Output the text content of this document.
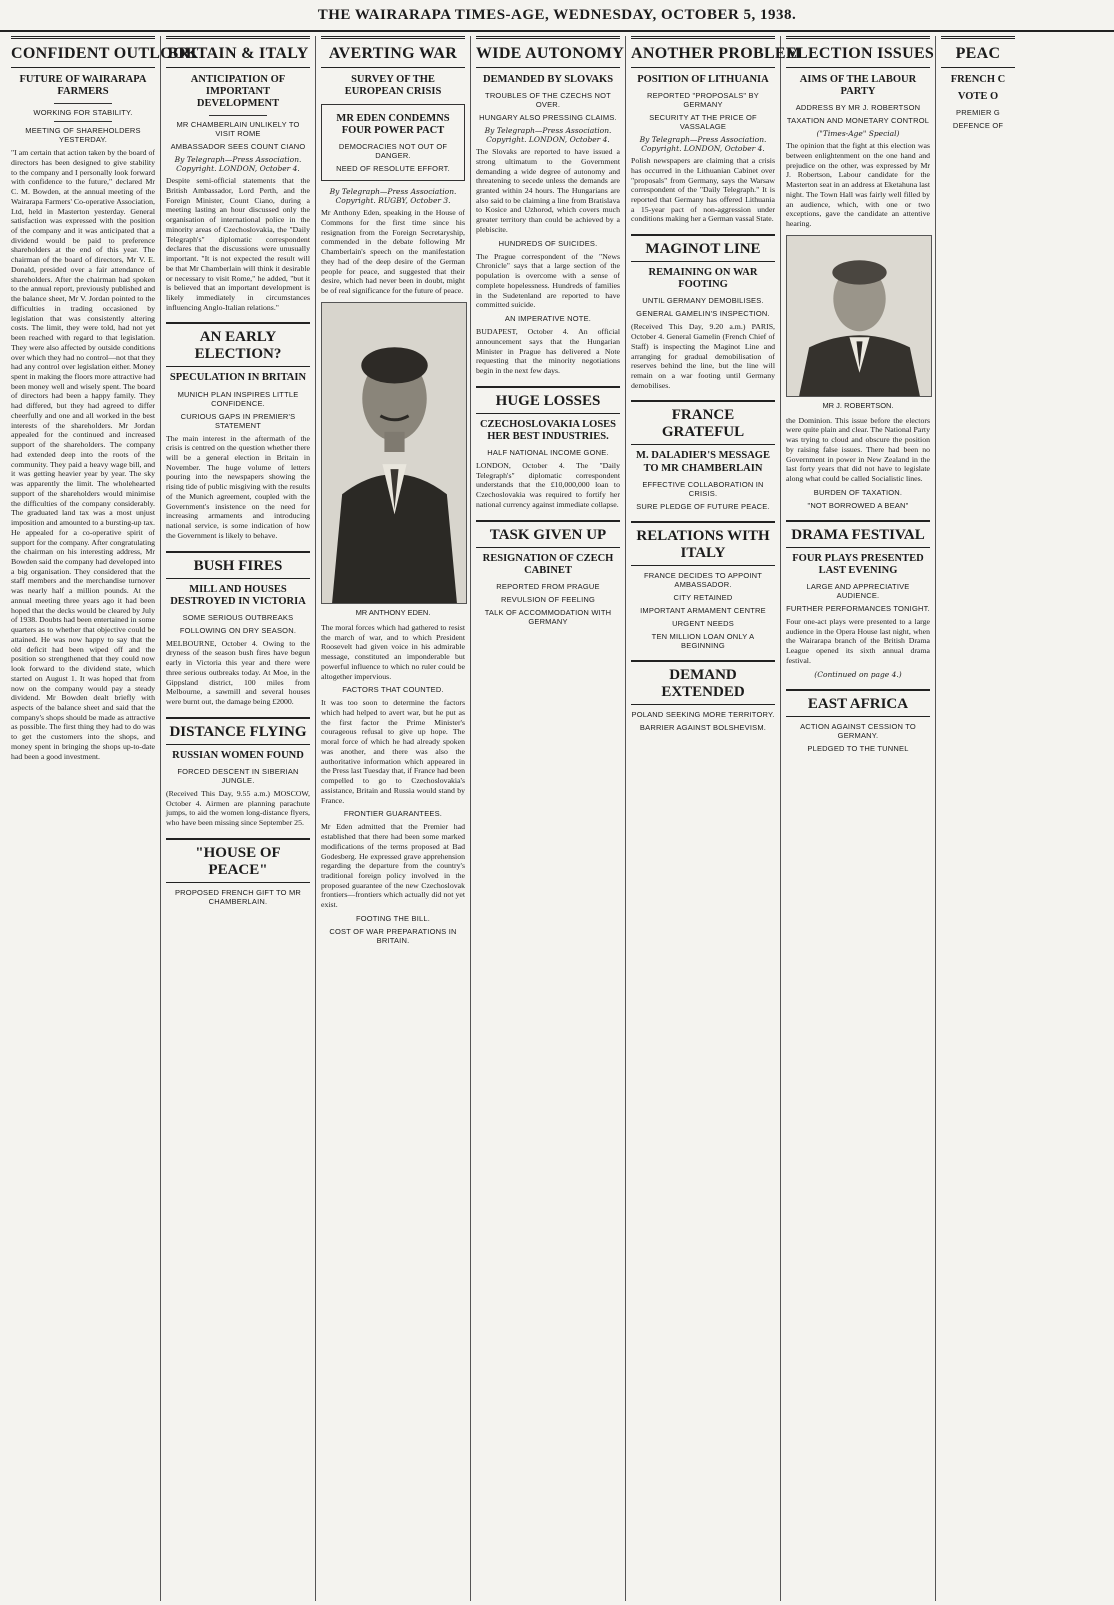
THE WAIRARAPA TIMES-AGE, WEDNESDAY, OCTOBER 5, 1938.
CONFIDENT OUTLOOK
FUTURE OF WAIRARAPA FARMERS
WORKING FOR STABILITY.
MEETING OF SHAREHOLDERS YESTERDAY.
"I am certain that action taken by the board of directors has been designed to give stability to the company and I personally look forward with confidence to the future," declared Mr C. M. Bowden, at the annual meeting of the Wairarapa Farmers' Co-operative Association, Ltd, held in Masterton yesterday. General satisfaction was expressed with the position of the company and it was anticipated that a dividend would be paid to preference shareholders at the end of this year. The chairman of the board of directors, Mr V. E. Donald, presided over a fair attendance of shareholders. After the chairman had spoken to the annual report, previously published and the balance sheet, Mr V. Jordan pointed to the difficulties in trading occasioned by legislation that was consistently altering costs. The limit, they were told, had not yet been reached with regard to that legislation. They were also affected by outside conditions over which they had no control—not that they had any control over legislation either. Money spent in making the floors more attractive had been money well and wisely spent. The board of directors had been a happy family. They had differed, but they had agreed to differ cheerfully and one and all worked in the best interests of the shareholders. Mr Jordan appealed for the continued and increased support of the shareholders. The company had extended deep into the roots of the community. They paid a heavy wage bill, and it was getting heavier year by year. The sky was apparently the limit. The wholehearted support of the shareholders would minimise the difficulties of the company considerably. The graduated land tax was a most unjust imposition and amounted to a bursting-up tax. He appealed for a co-operative spirit of support for the company. After congratulating the chairman on his interesting address, Mr Bowden said the company had developed into a big organisation. They considered that the staff members and the merchandise turnover was nearly half a million pounds. At the annual meeting three years ago it had been hoped that the decks would be cleared by July of 1938. Doubts had been entertained in some quarters as to whether that objective could be attained. He was now happy to say that the old deficit had been wiped off and the position so strengthened that they could now look forward to the dividend state, which started on August 1. It was hoped that from now on the company would pay a steady dividend. Mr Bowden dealt briefly with aspects of the balance sheet and said that the company's shops should be made as attractive as possible. The first thing they had to do was to get the customers into the shops, and money spent in bringing the shops up-to-date had been a good investment.
BRITAIN & ITALY
ANTICIPATION OF IMPORTANT DEVELOPMENT
MR CHAMBERLAIN UNLIKELY TO VISIT ROME
AMBASSADOR SEES COUNT CIANO
By Telegraph—Press Association. Copyright. LONDON, October 4.
Despite semi-official statements that the British Ambassador, Lord Perth, and the Foreign Minister, Count Ciano, during a meeting lasting an hour discussed only the organisation of international police in the minority areas of Czechoslovakia, the "Daily Telegraph's" diplomatic correspondent declares that the discussions were unusually important. "It is not expected the result will be that Mr Chamberlain will think it desirable or necessary to visit Rome," he added, "but it is believed that an important development is likely immediately in circumstances influencing Anglo-Italian relations."
AN EARLY ELECTION?
SPECULATION IN BRITAIN
MUNICH PLAN INSPIRES LITTLE CONFIDENCE.
CURIOUS GAPS IN PREMIER'S STATEMENT
The main interest in the aftermath of the crisis is centred on the question whether there will be a general election in Britain in November. The huge volume of letters pouring into the newspapers showing the rising tide of public misgiving with the results of the Munich agreement, coupled with the Government's insistence on the need for increasing armaments and introducing national service, is some indication of how the Government is likely to behave.
BUSH FIRES
MILL AND HOUSES DESTROYED IN VICTORIA
SOME SERIOUS OUTBREAKS
FOLLOWING ON DRY SEASON.
MELBOURNE, October 4. Owing to the dryness of the season bush fires have begun early in Victoria this year and there were three serious outbreaks today. At Moe, in the Gippsland district, 100 miles from Melbourne, a sawmill and several houses were burnt out, the damage being £2000.
DISTANCE FLYING
RUSSIAN WOMEN FOUND
FORCED DESCENT IN SIBERIAN JUNGLE.
(Received This Day, 9.55 a.m.) MOSCOW, October 4. Airmen are planning parachute jumps, to aid the women long-distance flyers, who have been missing since September 25.
"HOUSE OF PEACE"
PROPOSED FRENCH GIFT TO MR CHAMBERLAIN.
AVERTING WAR
SURVEY OF THE EUROPEAN CRISIS
MR EDEN CONDEMNS FOUR POWER PACT
DEMOCRACIES NOT OUT OF DANGER.
NEED OF RESOLUTE EFFORT.
By Telegraph—Press Association. Copyright. RUGBY, October 3.
Mr Anthony Eden, speaking in the House of Commons for the first time since his resignation from the Foreign Secretaryship, commended in the debate following Mr Chamberlain's speech on the manifestation they had of the deep desire of the German people for peace, and suggested that their desire, which had never been in doubt, might be of real significance for the future of peace.
MR ANTHONY EDEN.
The moral forces which had gathered to resist the march of war, and to which President Roosevelt had given voice in his admirable message, constituted an imponderable but powerful influence to which no ruler could be altogether impervious.
FACTORS THAT COUNTED.
It was too soon to determine the factors which had helped to avert war, but he put as the first factor the Prime Minister's courageous refusal to give up hope. The moral force of which he had already spoken was another, and there was also the authoritative information which appeared in the Press last Tuesday that, if France had been compelled to go to Czechoslovakia's assistance, Britain and Russia would stand by France.
FRONTIER GUARANTEES.
Mr Eden admitted that the Premier had established that there had been some marked modifications of the terms proposed at Bad Godesberg. He expressed grave apprehension regarding the departure from the country's traditional foreign policy involved in the proposed guarantee of the new Czechoslovak frontiers—frontiers which actually did not yet exist.
FOOTING THE BILL.
COST OF WAR PREPARATIONS IN BRITAIN.
WIDE AUTONOMY
DEMANDED BY SLOVAKS
TROUBLES OF THE CZECHS NOT OVER.
HUNGARY ALSO PRESSING CLAIMS.
By Telegraph—Press Association. Copyright. LONDON, October 4.
The Slovaks are reported to have issued a strong ultimatum to the Government demanding a wide degree of autonomy and threatening to secede unless the demands are granted within 24 hours. The Hungarians are also said to be claiming a line from Bratislava to Kosice and Uzhorod, which covers much greater territory than could be achieved by a plebiscite.
HUNDREDS OF SUICIDES.
The Prague correspondent of the "News Chronicle" says that a large section of the population is overcome with a sense of complete hopelessness. Hundreds of families in the Sudetenland are reported to have committed suicide.
AN IMPERATIVE NOTE.
BUDAPEST, October 4. An official announcement says that the Hungarian Minister in Prague has delivered a Note requesting that the minority negotiations begin in the next few days.
HUGE LOSSES
CZECHOSLOVAKIA LOSES HER BEST INDUSTRIES.
HALF NATIONAL INCOME GONE.
LONDON, October 4. The "Daily Telegraph's" diplomatic correspondent understands that the £10,000,000 loan to Czechoslovakia was required to fortify her national currency against immediate collapse.
TASK GIVEN UP
RESIGNATION OF CZECH CABINET
REPORTED FROM PRAGUE
REVULSION OF FEELING
TALK OF ACCOMMODATION WITH GERMANY
ANOTHER PROBLEM
POSITION OF LITHUANIA
REPORTED "PROPOSALS" BY GERMANY
SECURITY AT THE PRICE OF VASSALAGE
By Telegraph—Press Association. Copyright. LONDON, October 4.
Polish newspapers are claiming that a crisis has occurred in the Lithuanian Cabinet over "proposals" from Germany, says the Warsaw correspondent of the "Daily Telegraph." It is reported that Germany has offered Lithuania a 15-year pact of non-aggression under conditions making her a German vassal State.
MAGINOT LINE
REMAINING ON WAR FOOTING
UNTIL GERMANY DEMOBILISES.
GENERAL GAMELIN'S INSPECTION.
(Received This Day, 9.20 a.m.) PARIS, October 4. General Gamelin (French Chief of Staff) is inspecting the Maginot Line and arranging for gradual demobilisation of reserves behind the line, but the line will remain on a war footing until Germany demobilises.
FRANCE GRATEFUL
M. DALADIER'S MESSAGE TO MR CHAMBERLAIN
EFFECTIVE COLLABORATION IN CRISIS.
SURE PLEDGE OF FUTURE PEACE.
RELATIONS WITH ITALY
FRANCE DECIDES TO APPOINT AMBASSADOR.
CITY RETAINED
IMPORTANT ARMAMENT CENTRE
URGENT NEEDS
TEN MILLION LOAN ONLY A BEGINNING
DEMAND EXTENDED
POLAND SEEKING MORE TERRITORY.
BARRIER AGAINST BOLSHEVISM.
ELECTION ISSUES
AIMS OF THE LABOUR PARTY
ADDRESS BY MR J. ROBERTSON
TAXATION AND MONETARY CONTROL
("Times-Age" Special)
The opinion that the fight at this election was between enlightenment on the one hand and prejudice on the other, was expressed by Mr J. Robertson, Labour candidate for the Masterton seat in an address at Eketahuna last night. The Town Hall was fairly well filled by an audience, which, with one or two exceptions, gave the candidate an attentive hearing.
MR J. ROBERTSON.
the Dominion. This issue before the electors were quite plain and clear. The National Party was trying to cloud and obscure the position by raising false issues. There had been no Government in power in New Zealand in the last forty years that did not have to legislate along what could be called Socialistic lines.
BURDEN OF TAXATION.
"NOT BORROWED A BEAN"
DRAMA FESTIVAL
FOUR PLAYS PRESENTED LAST EVENING
LARGE AND APPRECIATIVE AUDIENCE.
FURTHER PERFORMANCES TONIGHT.
Four one-act plays were presented to a large audience in the Opera House last night, when the Wairarapa branch of the British Drama League opened its sixth annual drama festival.
(Continued on page 4.)
EAST AFRICA
ACTION AGAINST CESSION TO GERMANY.
PLEDGED TO THE TUNNEL
PEAC
FRENCH C
VOTE O
PREMIER G
DEFENCE OF
